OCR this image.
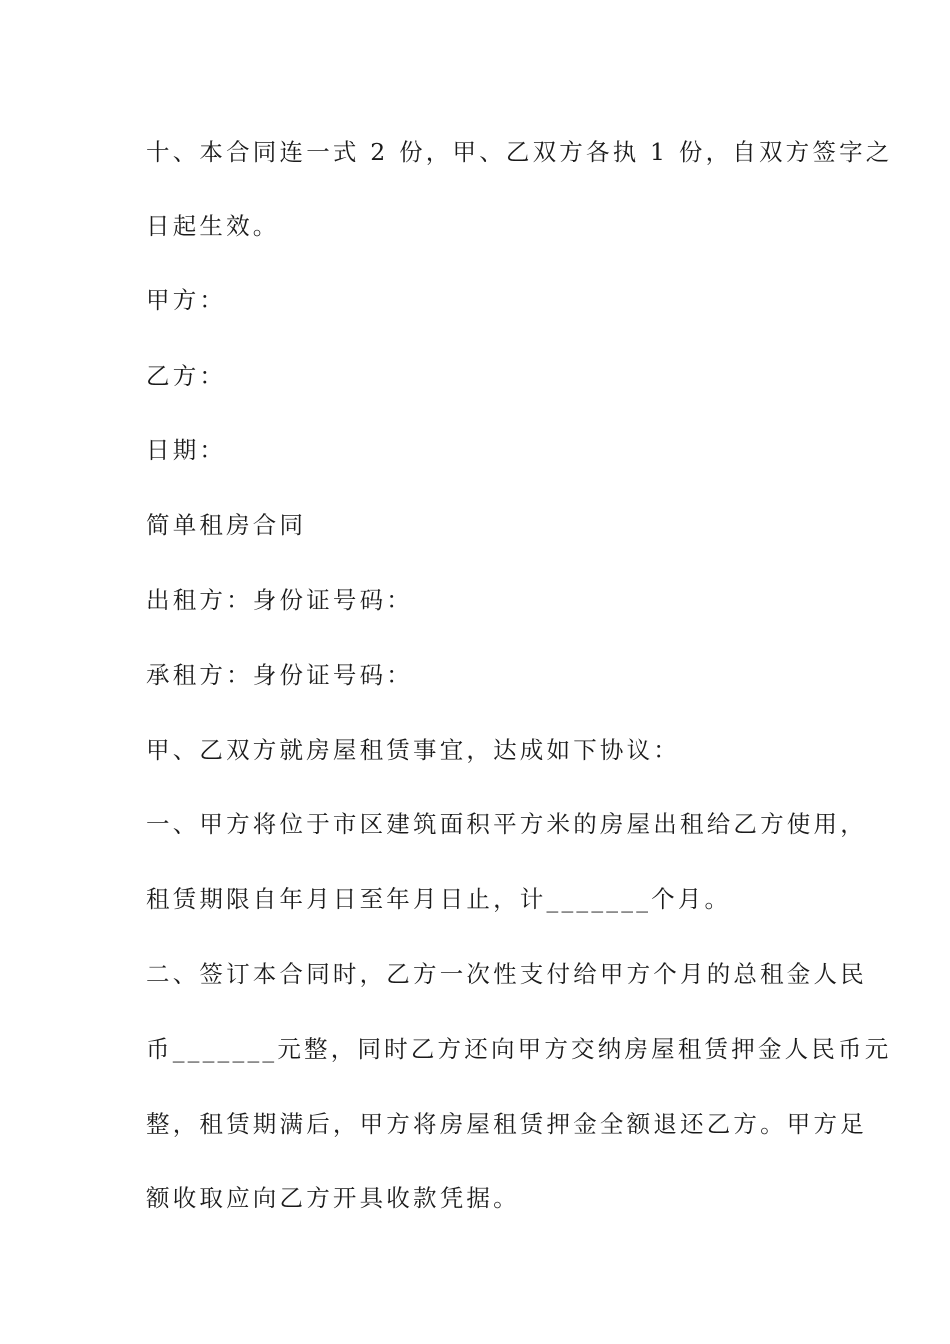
十、本合同连一式 2 份，甲、乙双方各执 1 份，自双方签字之
日起生效。
甲方：
乙方：
日期：
简单租房合同
出租方：身份证号码：
承租方：身份证号码：
甲、乙双方就房屋租赁事宜，达成如下协议：
一、甲方将位于市区建筑面积平方米的房屋出租给乙方使用，
租赁期限自年月日至年月日止，计_______个月。
二、签订本合同时，乙方一次性支付给甲方个月的总租金人民
币_______元整，同时乙方还向甲方交纳房屋租赁押金人民币元
整，租赁期满后，甲方将房屋租赁押金全额退还乙方。甲方足
额收取应向乙方开具收款凭据。
